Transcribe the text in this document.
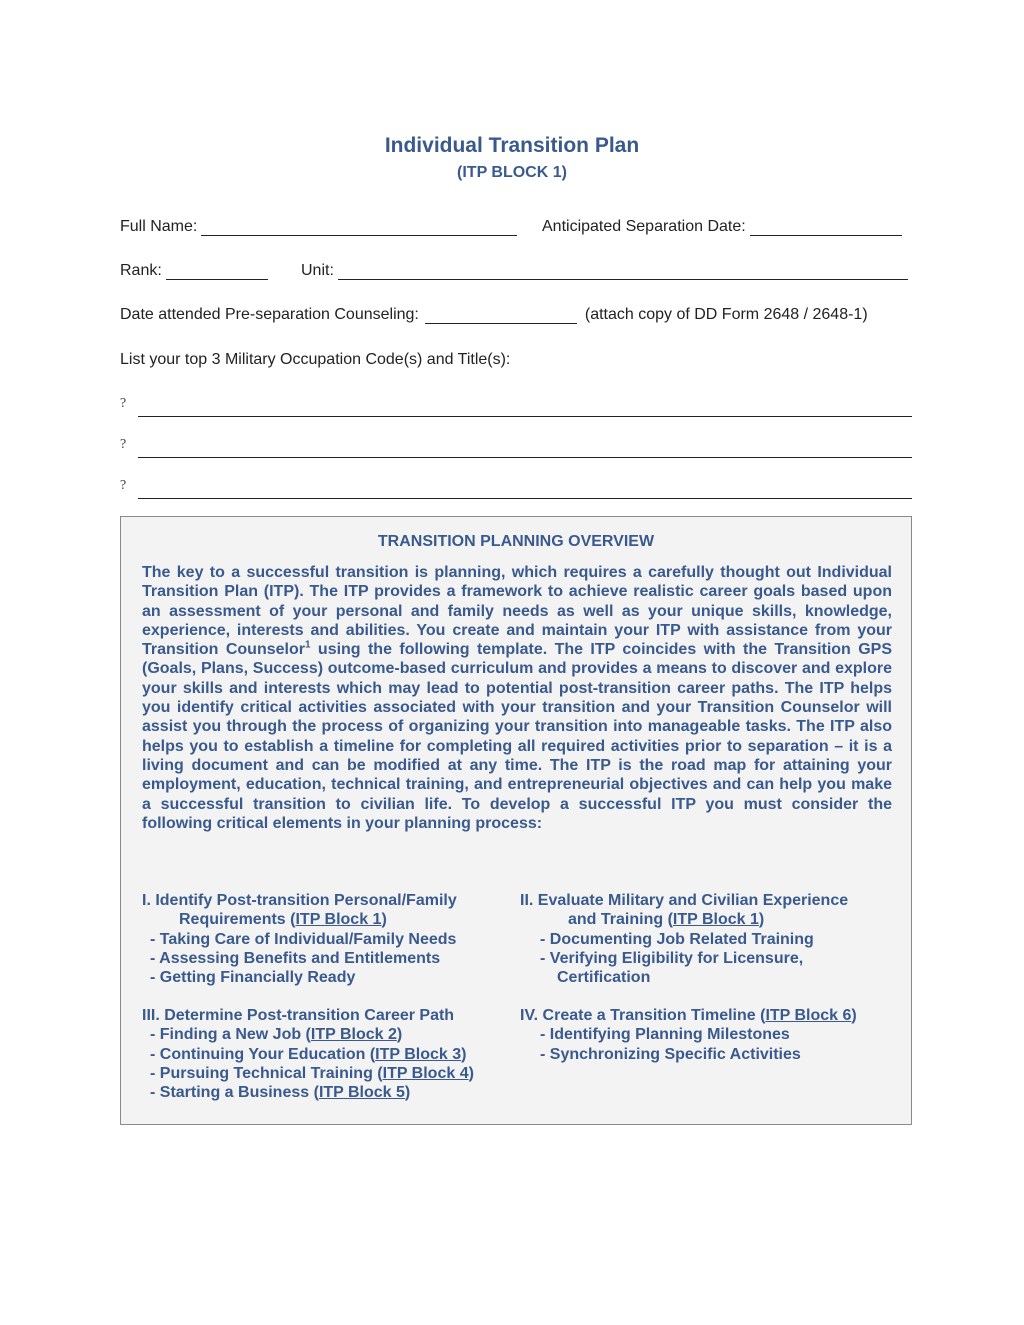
Individual Transition Plan
(ITP BLOCK 1)
Full Name:	Anticipated Separation Date:
Rank:	Unit:
Date attended Pre-separation Counseling:	(attach copy of DD Form 2648 / 2648-1)
List your top 3 Military Occupation Code(s) and Title(s):
?
?
?
TRANSITION PLANNING OVERVIEW
The key to a successful transition is planning, which requires a carefully thought out Individual Transition Plan (ITP). The ITP provides a framework to achieve realistic career goals based upon an assessment of your personal and family needs as well as your unique skills, knowledge, experience, interests and abilities. You create and maintain your ITP with assistance from your Transition Counselor$^1$ using the following template. The ITP coincides with the Transition GPS (Goals, Plans, Success) outcome-based curriculum and provides a means to discover and explore your skills and interests which may lead to potential post-transition career paths. The ITP helps you identify critical activities associated with your transition and your Transition Counselor will assist you through the process of organizing your transition into manageable tasks. The ITP also helps you to establish a timeline for completing all required activities prior to separation – it is a living document and can be modified at any time. The ITP is the road map for attaining your employment, education, technical training, and entrepreneurial objectives and can help you make a successful transition to civilian life. To develop a successful ITP you must consider the following critical elements in your planning process:
I. Identify Post-transition Personal/Family
Requirements (ITP Block 1)
- Taking Care of Individual/Family Needs
- Assessing Benefits and Entitlements
- Getting Financially Ready
II. Evaluate Military and Civilian Experience
and Training (ITP Block 1)
- Documenting Job Related Training
- Verifying Eligibility for Licensure,
Certification
III. Determine Post-transition Career Path
- Finding a New Job (ITP Block 2)
- Continuing Your Education (ITP Block 3)
- Pursuing Technical Training (ITP Block 4)
- Starting a Business (ITP Block 5)
IV. Create a Transition Timeline (ITP Block 6)
- Identifying Planning Milestones
- Synchronizing Specific Activities
